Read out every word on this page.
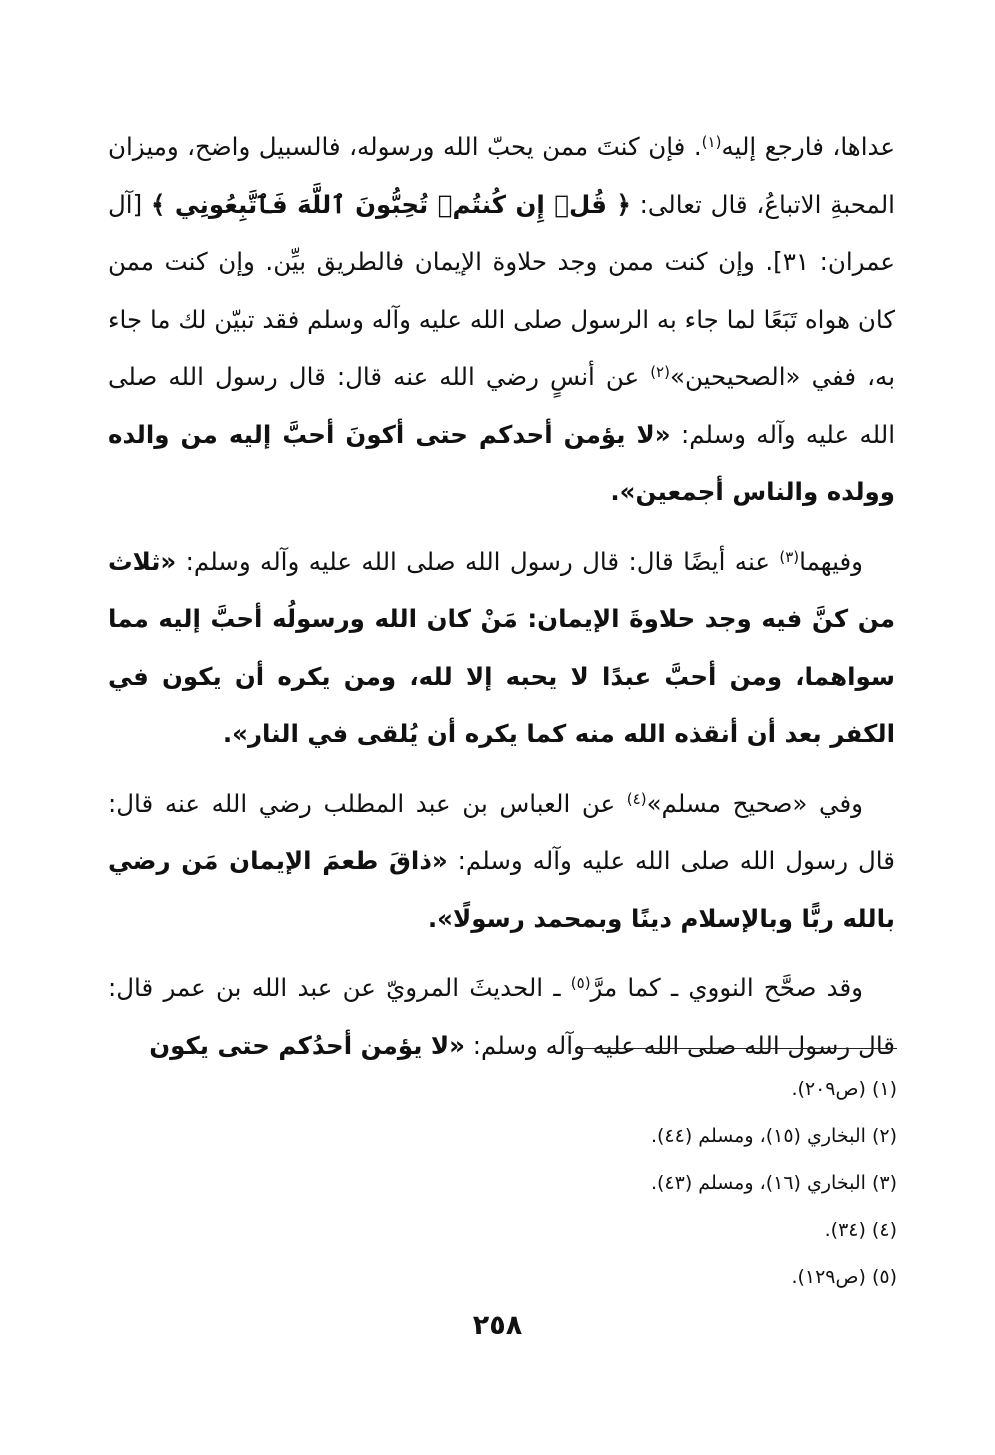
عداها، فارجع إليه$^{(١)}$. فإن كنتَ ممن يحبّ الله ورسوله، فالسبيل واضح، وميزان المحبةِ الاتباعُ، قال تعالى: ﴿ قُلۡ إِن كُنتُمۡ تُحِبُّونَ ٱللَّهَ فَٱتَّبِعُونِي ﴾ [آل عمران: ٣١]. وإن كنت ممن وجد حلاوة الإيمان فالطريق بيِّن. وإن كنت ممن كان هواه تَبَعًا لما جاء به الرسول صلى الله عليه وآله وسلم فقد تبيّن لك ما جاء به، ففي «الصحيحين»$^{(٢)}$ عن أنسٍ رضي الله عنه قال: قال رسول الله صلى الله عليه وآله وسلم: «لا يؤمن أحدكم حتى أكونَ أحبَّ إليه من والده وولده والناس أجمعين».

وفيهما$^{(٣)}$ عنه أيضًا قال: قال رسول الله صلى الله عليه وآله وسلم: «ثلاث من كنَّ فيه وجد حلاوةَ الإيمان: مَنْ كان الله ورسولُه أحبَّ إليه مما سواهما، ومن أحبَّ عبدًا لا يحبه إلا لله، ومن يكره أن يكون في الكفر بعد أن أنقذه الله منه كما يكره أن يُلقى في النار».

وفي «صحيح مسلم»$^{(٤)}$ عن العباس بن عبد المطلب رضي الله عنه قال: قال رسول الله صلى الله عليه وآله وسلم: «ذاقَ طعمَ الإيمان مَن رضي بالله ربًّا وبالإسلام دينًا وبمحمد رسولًا».

وقد صحَّح النووي ـ كما مرَّ$^{(٥)}$ ـ الحديثَ المرويّ عن عبد الله بن عمر قال: قال رسول الله صلى الله عليه وآله وسلم: «لا يؤمن أحدُكم حتى يكون

(١) (ص٢٠٩).
(٢) البخاري (١٥)، ومسلم (٤٤).
(٣) البخاري (١٦)، ومسلم (٤٣).
(٤) (٣٤).
(٥) (ص١٢٩).
٢٥٨
